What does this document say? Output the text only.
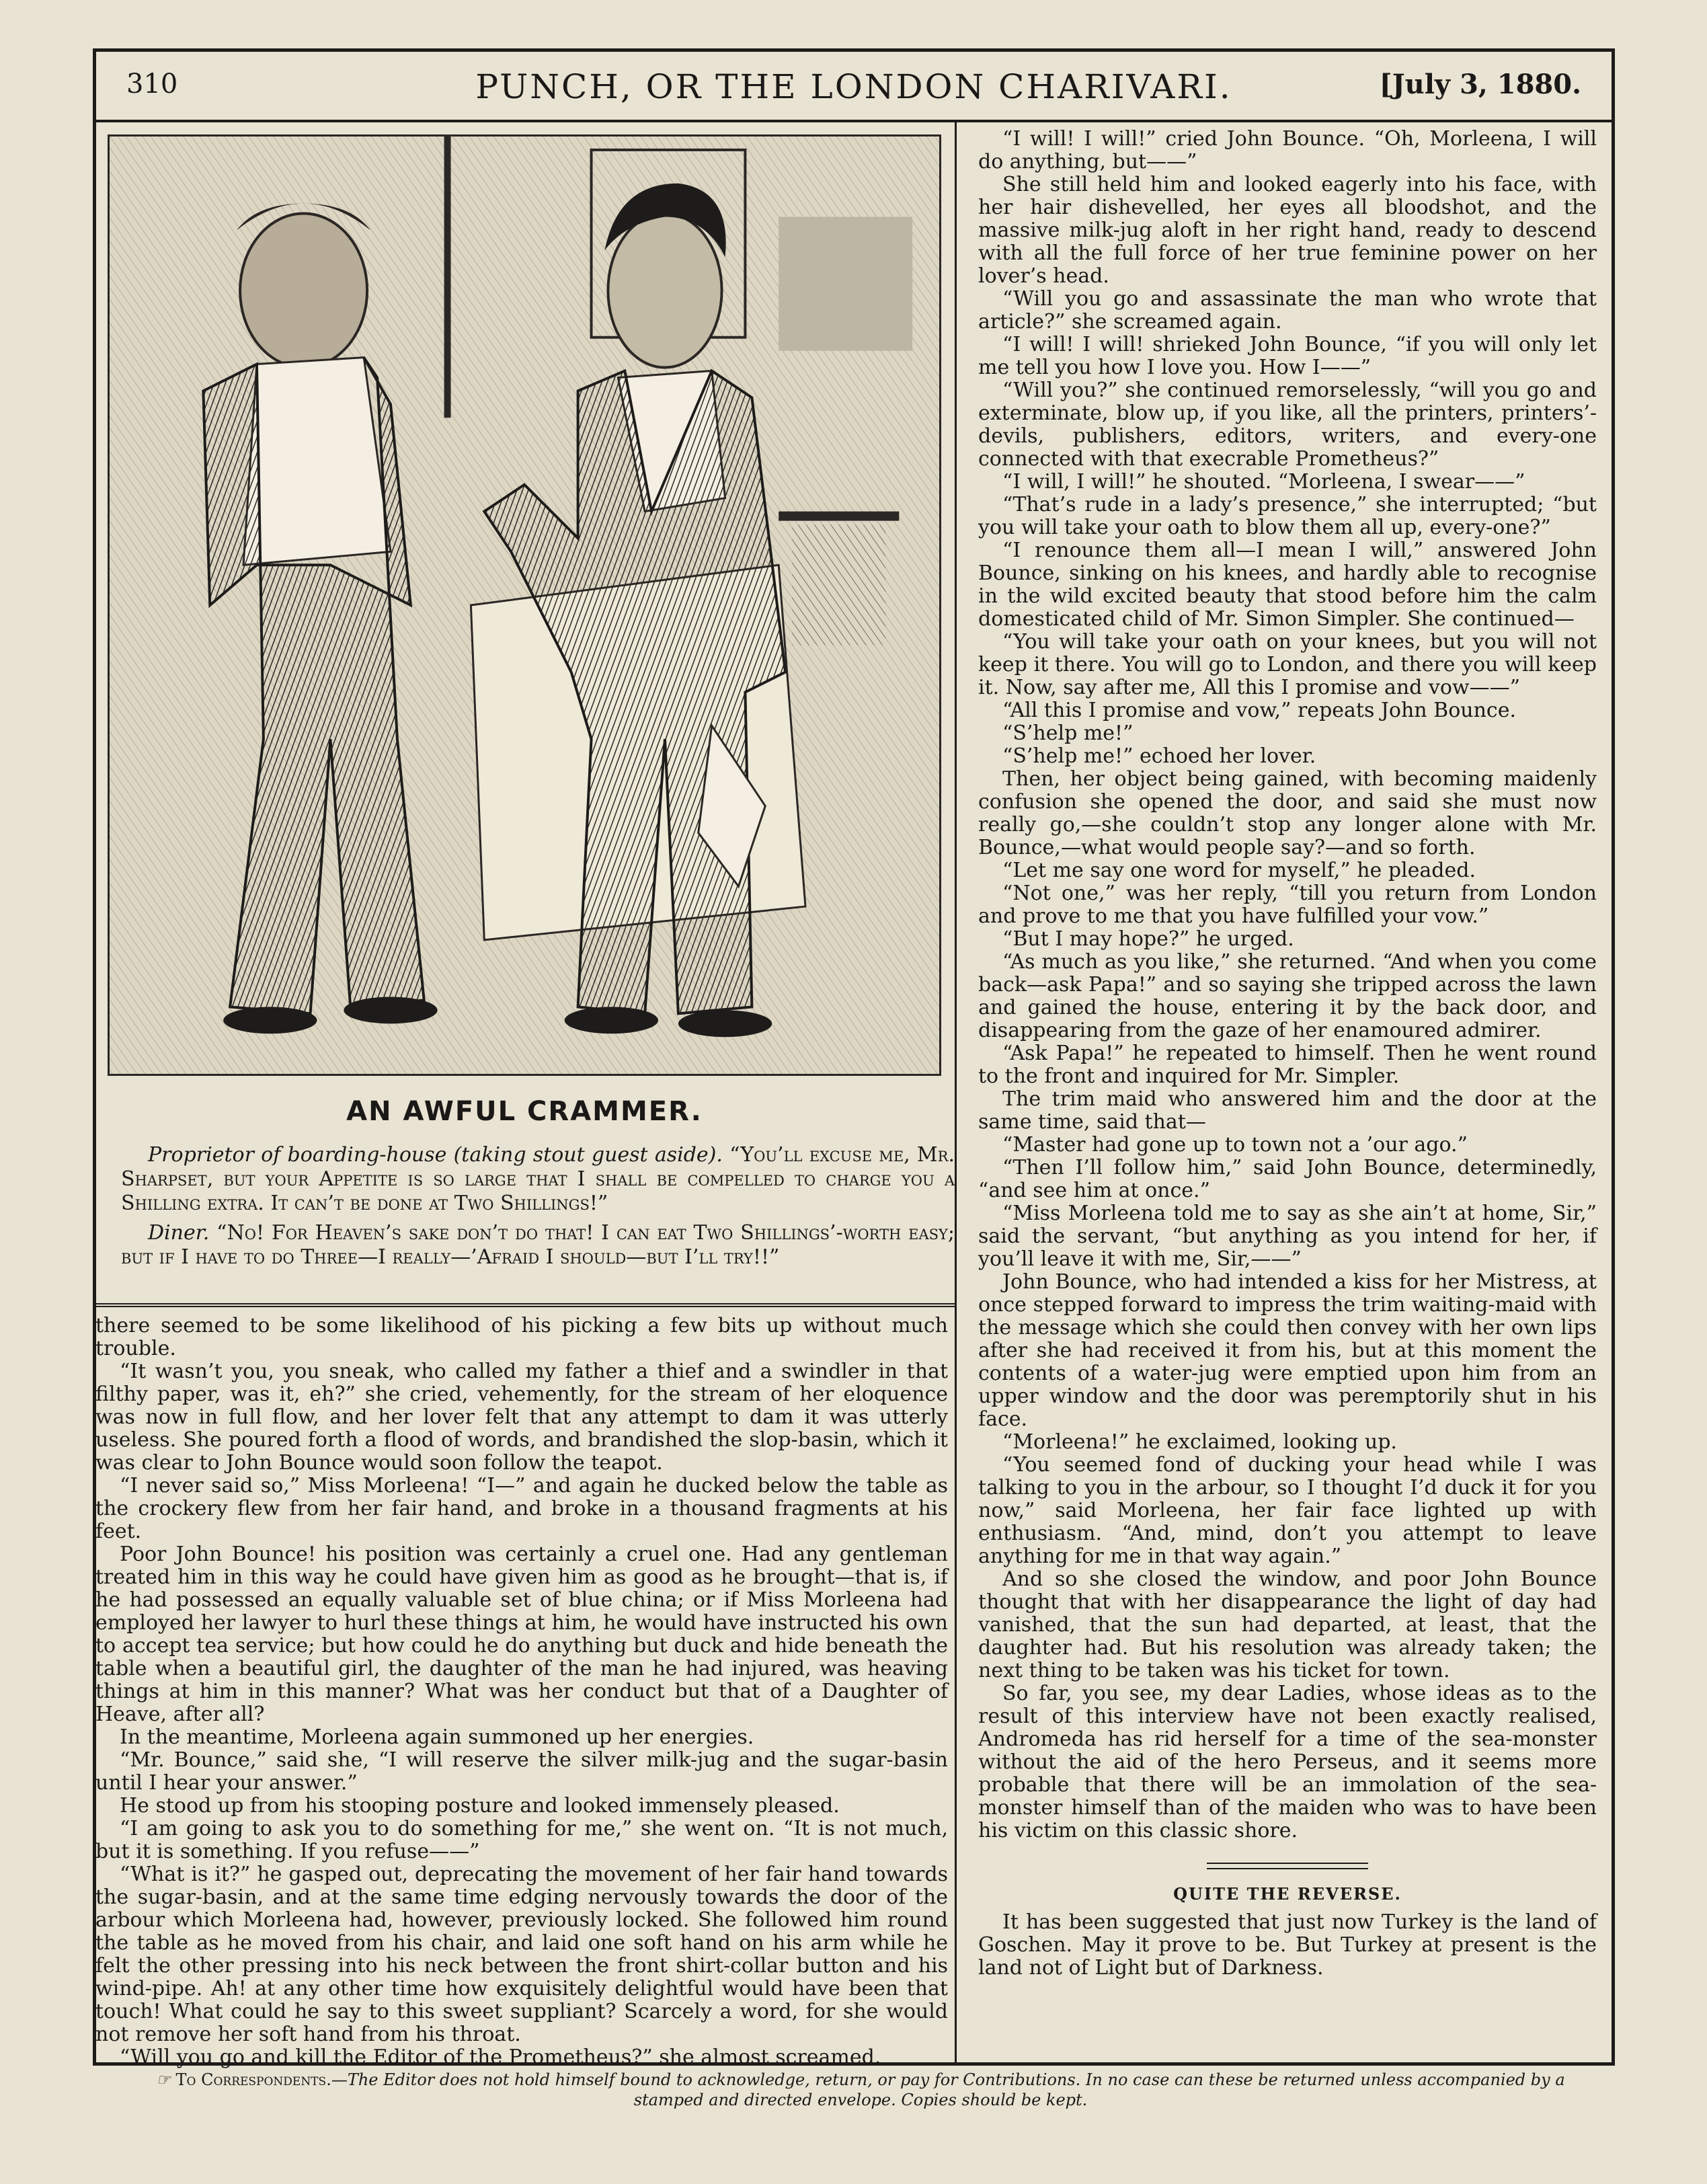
310	PUNCH, OR THE LONDON CHARIVARI.	[July 3, 1880.
AN AWFUL CRAMMER.

Proprietor of boarding-house (taking stout guest aside). “You’ll excuse me, Mr. Sharpset, but your Appetite is so large that I shall be compelled to charge you a Shilling extra. It can’t be done at Two Shillings!”

Diner. “No! For Heaven’s sake don’t do that! I can eat Two Shillings’-worth easy; but if I have to do Three—I really—’Afraid I should—but I’ll try!!”

there seemed to be some likelihood of his picking a few bits up without much trouble.

“It wasn’t you, you sneak, who called my father a thief and a swindler in that filthy paper, was it, eh?” she cried, vehemently, for the stream of her eloquence was now in full flow, and her lover felt that any attempt to dam it was utterly useless. She poured forth a flood of words, and brandished the slop-basin, which it was clear to John Bounce would soon follow the teapot.

“I never said so,” Miss Morleena! “I—” and again he ducked below the table as the crockery flew from her fair hand, and broke in a thousand fragments at his feet.

Poor John Bounce! his position was certainly a cruel one. Had any gentleman treated him in this way he could have given him as good as he brought—that is, if he had possessed an equally valuable set of blue china; or if Miss Morleena had employed her lawyer to hurl these things at him, he would have instructed his own to accept tea service; but how could he do anything but duck and hide beneath the table when a beautiful girl, the daughter of the man he had injured, was heaving things at him in this manner? What was her conduct but that of a Daughter of Heave, after all?

In the meantime, Morleena again summoned up her energies.

“Mr. Bounce,” said she, “I will reserve the silver milk-jug and the sugar-basin until I hear your answer.”

He stood up from his stooping posture and looked immensely pleased.

“I am going to ask you to do something for me,” she went on. “It is not much, but it is something. If you refuse——”

“What is it?” he gasped out, deprecating the movement of her fair hand towards the sugar-basin, and at the same time edging nervously towards the door of the arbour which Morleena had, however, previously locked. She followed him round the table as he moved from his chair, and laid one soft hand on his arm while he felt the other pressing into his neck between the front shirt-collar button and his wind-pipe. Ah! at any other time how exquisitely delightful would have been that touch! What could he say to this sweet suppliant? Scarcely a word, for she would not remove her soft hand from his throat.

“Will you go and kill the Editor of the Prometheus?” she almost screamed.

“I will! I will!” cried John Bounce. “Oh, Morleena, I will do anything, but——”

She still held him and looked eagerly into his face, with her hair dishevelled, her eyes all bloodshot, and the massive milk-jug aloft in her right hand, ready to descend with all the full force of her true feminine power on her lover’s head.

“Will you go and assassinate the man who wrote that article?” she screamed again.

“I will! I will! shrieked John Bounce, “if you will only let me tell you how I love you. How I——”

“Will you?” she continued remorselessly, “will you go and exterminate, blow up, if you like, all the printers, printers’-devils, publishers, editors, writers, and every-one connected with that execrable Prometheus?”

“I will, I will!” he shouted. “Morleena, I swear——”

“That’s rude in a lady’s presence,” she interrupted; “but you will take your oath to blow them all up, every-one?”

“I renounce them all—I mean I will,” answered John Bounce, sinking on his knees, and hardly able to recognise in the wild excited beauty that stood before him the calm domesticated child of Mr. Simon Simpler. She continued—

“You will take your oath on your knees, but you will not keep it there. You will go to London, and there you will keep it. Now, say after me, All this I promise and vow——”

“All this I promise and vow,” repeats John Bounce.

“S’help me!”

“S’help me!” echoed her lover.

Then, her object being gained, with becoming maidenly confusion she opened the door, and said she must now really go,—she couldn’t stop any longer alone with Mr. Bounce,—what would people say?—and so forth.

“Let me say one word for myself,” he pleaded.

“Not one,” was her reply, “till you return from London and prove to me that you have fulfilled your vow.”

“But I may hope?” he urged.

“As much as you like,” she returned. “And when you come back—ask Papa!” and so saying she tripped across the lawn and gained the house, entering it by the back door, and disappearing from the gaze of her enamoured admirer.

“Ask Papa!” he repeated to himself. Then he went round to the front and inquired for Mr. Simpler.

The trim maid who answered him and the door at the same time, said that—

“Master had gone up to town not a ’our ago.”

“Then I’ll follow him,” said John Bounce, determinedly, “and see him at once.”

“Miss Morleena told me to say as she ain’t at home, Sir,” said the servant, “but anything as you intend for her, if you’ll leave it with me, Sir,——”

John Bounce, who had intended a kiss for her Mistress, at once stepped forward to impress the trim waiting-maid with the message which she could then convey with her own lips after she had received it from his, but at this moment the contents of a water-jug were emptied upon him from an upper window and the door was peremptorily shut in his face.

“Morleena!” he exclaimed, looking up.

“You seemed fond of ducking your head while I was talking to you in the arbour, so I thought I’d duck it for you now,” said Morleena, her fair face lighted up with enthusiasm. “And, mind, don’t you attempt to leave anything for me in that way again.”

And so she closed the window, and poor John Bounce thought that with her disappearance the light of day had vanished, that the sun had departed, at least, that the daughter had. But his resolution was already taken; the next thing to be taken was his ticket for town.

So far, you see, my dear Ladies, whose ideas as to the result of this interview have not been exactly realised, Andromeda has rid herself for a time of the sea-monster without the aid of the hero Perseus, and it seems more probable that there will be an immolation of the sea-monster himself than of the maiden who was to have been his victim on this classic shore.

QUITE THE REVERSE.

It has been suggested that just now Turkey is the land of Goschen. May it prove to be. But Turkey at present is the land not of Light but of Darkness.

☞ To Correspondents.—The Editor does not hold himself bound to acknowledge, return, or pay for Contributions. In no case can these be returned unless accompanied by a stamped and directed envelope. Copies should be kept.
